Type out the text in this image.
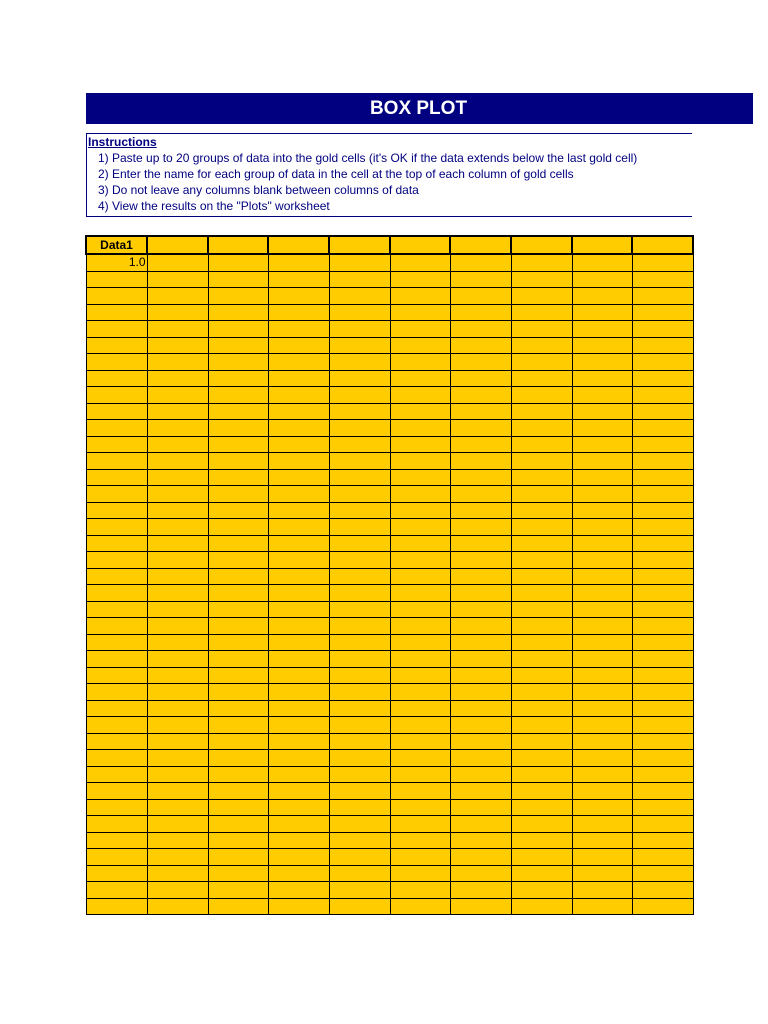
BOX PLOT
Instructions
1) Paste up to 20 groups of data into the gold cells (it's OK if the data extends below the last gold cell)
2) Enter the name for each group of data in the cell at the top of each column of gold cells
3) Do not leave any columns blank between columns of data
4) View the results on the "Plots" worksheet
Data1									
1.0									
